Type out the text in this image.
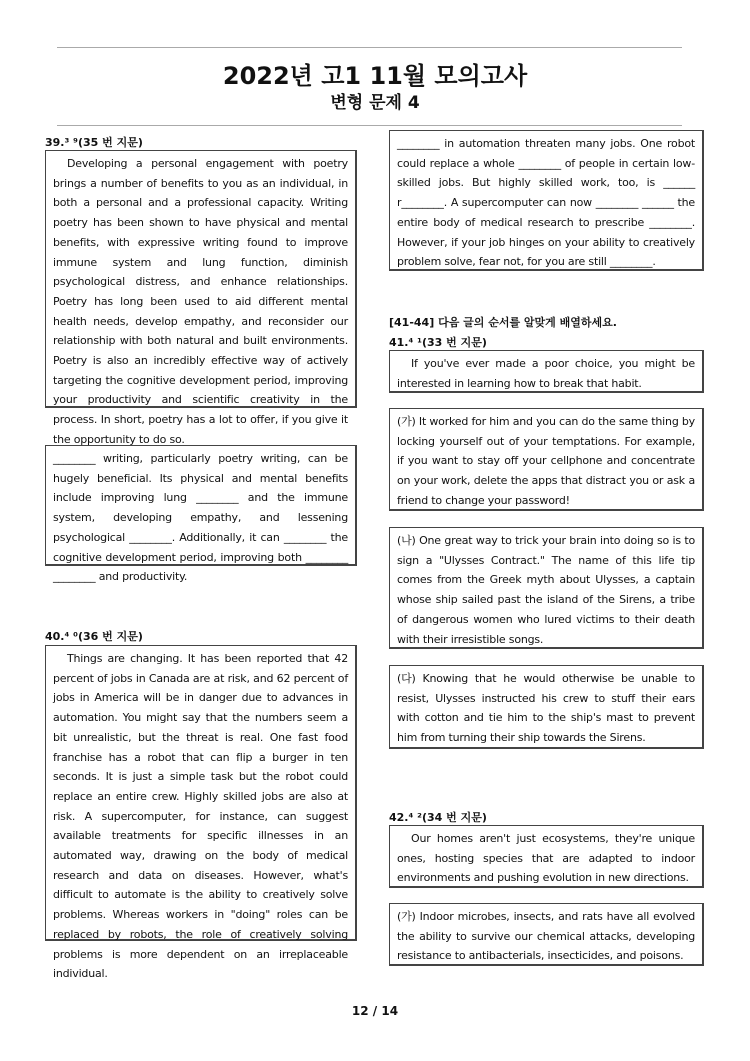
2022년 고1 11월 모의고사
변형 문제 4
39.³ ⁹(35 번 지문)

Developing a personal engagement with poetry brings a number of benefits to you as an individual, in both a personal and a professional capacity. Writing poetry has been shown to have physical and mental benefits, with expressive writing found to improve immune system and lung function, diminish psychological distress, and enhance relationships. Poetry has long been used to aid different mental health needs, develop empathy, and reconsider our relationship with both natural and built environments. Poetry is also an incredibly effective way of actively targeting the cognitive development period, improving your productivity and scientific creativity in the process. In short, poetry has a lot to offer, if you give it the opportunity to do so.

________ writing, particularly poetry writing, can be hugely beneficial. Its physical and mental benefits include improving lung ________ and the immune system, developing empathy, and lessening psychological ________. Additionally, it can ________ the cognitive development period, improving both ________ ________ and productivity.

40.⁴ ⁰(36 번 지문)

Things are changing. It has been reported that 42 percent of jobs in Canada are at risk, and 62 percent of jobs in America will be in danger due to advances in automation. You might say that the numbers seem a bit unrealistic, but the threat is real. One fast food franchise has a robot that can flip a burger in ten seconds. It is just a simple task but the robot could replace an entire crew. Highly skilled jobs are also at risk. A supercomputer, for instance, can suggest available treatments for specific illnesses in an automated way, drawing on the body of medical research and data on diseases. However, what's difficult to automate is the ability to creatively solve problems. Whereas workers in "doing" roles can be replaced by robots, the role of creatively solving problems is more dependent on an irreplaceable individual.

________ in automation threaten many jobs. One robot could replace a whole ________ of people in certain low-skilled jobs. But highly skilled work, too, is ______ r________. A supercomputer can now ________ ______ the entire body of medical research to prescribe ________. However, if your job hinges on your ability to creatively problem solve, fear not, for you are still ________.

[41-44] 다음 글의 순서를 알맞게 배열하세요.
41.⁴ ¹(33 번 지문)

If you've ever made a poor choice, you might be interested in learning how to break that habit.

(가) It worked for him and you can do the same thing by locking yourself out of your temptations. For example, if you want to stay off your cellphone and concentrate on your work, delete the apps that distract you or ask a friend to change your password!

(나) One great way to trick your brain into doing so is to sign a "Ulysses Contract." The name of this life tip comes from the Greek myth about Ulysses, a captain whose ship sailed past the island of the Sirens, a tribe of dangerous women who lured victims to their death with their irresistible songs.

(다) Knowing that he would otherwise be unable to resist, Ulysses instructed his crew to stuff their ears with cotton and tie him to the ship's mast to prevent him from turning their ship towards the Sirens.

42.⁴ ²(34 번 지문)

Our homes aren't just ecosystems, they're unique ones, hosting species that are adapted to indoor environments and pushing evolution in new directions.

(가) Indoor microbes, insects, and rats have all evolved the ability to survive our chemical attacks, developing resistance to antibacterials, insecticides, and poisons.

12 / 14
